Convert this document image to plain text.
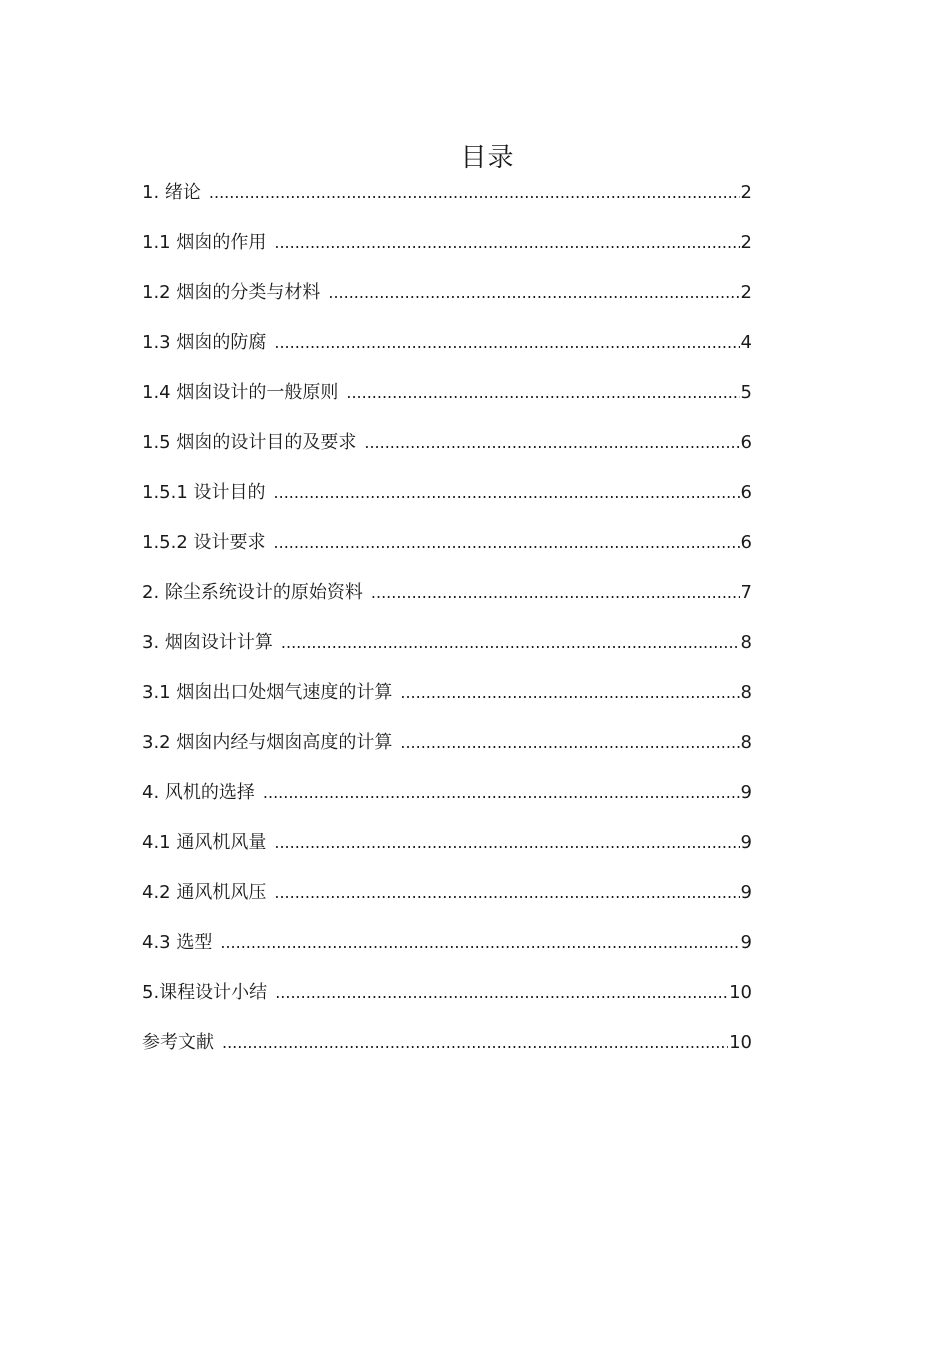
目录
1. 绪论 .....	2
1.1 烟囱的作用 .....	2
1.2 烟囱的分类与材料 .....	2
1.3 烟囱的防腐 .....	4
1.4 烟囱设计的一般原则 .....	5
1.5 烟囱的设计目的及要求 .....	6
1.5.1 设计目的 .....	6
1.5.2 设计要求 .....	6
2. 除尘系统设计的原始资料 .....	7
3. 烟囱设计计算 .....	8
3.1 烟囱出口处烟气速度的计算 .....	8
3.2 烟囱内经与烟囱高度的计算 .....	8
4. 风机的选择 .....	9
4.1 通风机风量 .....	9
4.2 通风机风压 .....	9
4.3 选型 .....	9
5.课程设计小结 .....	10
参考文献 .....	10
